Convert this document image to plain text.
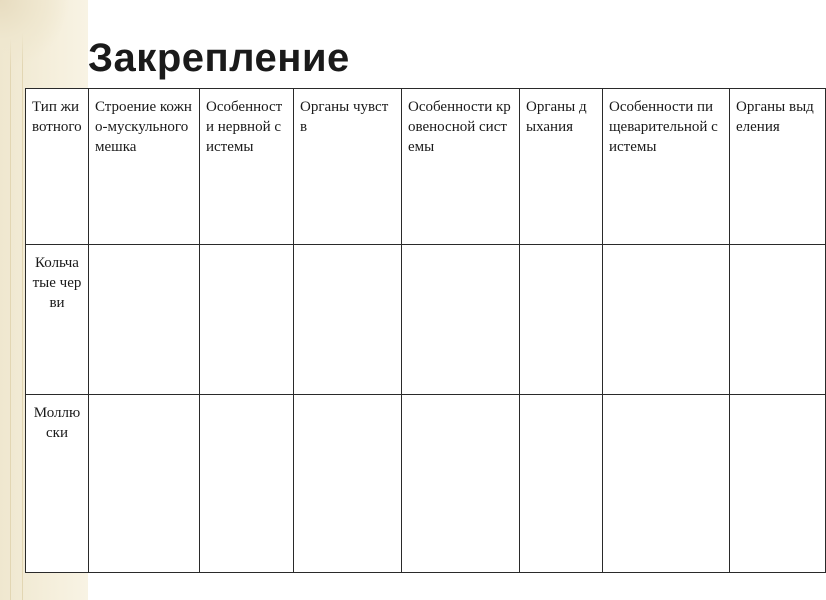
Закрепление
Тип животного	Строение кожно-мускульного мешка	Особенности нервной системы	Органы чувств	Особенности кровеносной системы	Органы дыхания	Особенности пищеварительной системы	Органы выделения
Кольчатые черви							
Моллюски							
